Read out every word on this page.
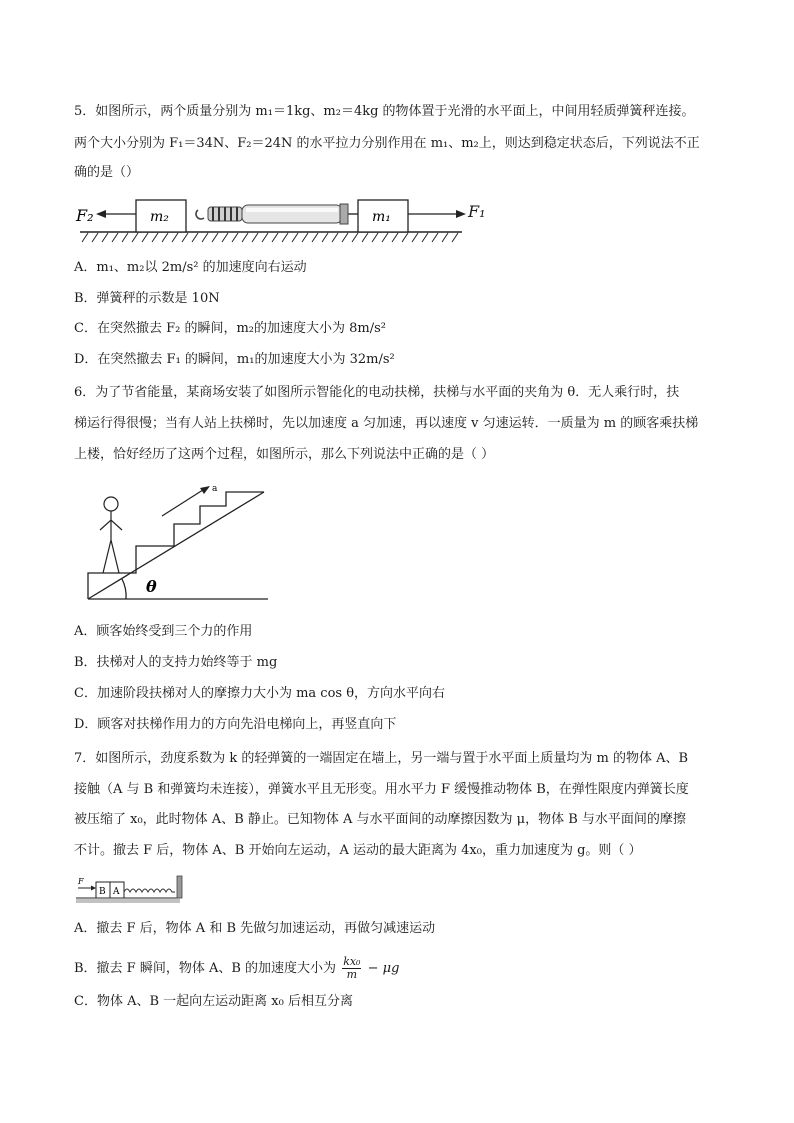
5．如图所示，两个质量分别为 m₁＝1kg、m₂＝4kg 的物体置于光滑的水平面上，中间用轻质弹簧秤连接。
两个大小分别为 F₁＝34N、F₂＝24N 的水平拉力分别作用在 m₁、m₂上，则达到稳定状态后，下列说法不正
确的是（）
F₂	m₂	m₁	F₁
A．m₁、m₂以 2m/s² 的加速度向右运动
B．弹簧秤的示数是 10N
C．在突然撤去 F₂ 的瞬间，m₂的加速度大小为 8m/s²
D．在突然撤去 F₁ 的瞬间，m₁的加速度大小为 32m/s²
6．为了节省能量，某商场安装了如图所示智能化的电动扶梯，扶梯与水平面的夹角为 θ．无人乘行时，扶
梯运行得很慢；当有人站上扶梯时，先以加速度 a 匀加速，再以速度 v 匀速运转．一质量为 m 的顾客乘扶梯
上楼，恰好经历了这两个过程，如图所示，那么下列说法中正确的是（ ）
a
θ
A．顾客始终受到三个力的作用
B．扶梯对人的支持力始终等于 mg
C．加速阶段扶梯对人的摩擦力大小为 ma cos θ，方向水平向右
D．顾客对扶梯作用力的方向先沿电梯向上，再竖直向下
7．如图所示，劲度系数为 k 的轻弹簧的一端固定在墙上，另一端与置于水平面上质量均为 m 的物体 A、B
接触（A 与 B 和弹簧均未连接），弹簧水平且无形变。用水平力 F 缓慢推动物体 B，在弹性限度内弹簧长度
被压缩了 x₀，此时物体 A、B 静止。已知物体 A 与水平面间的动摩擦因数为 μ，物体 B 与水平面间的摩擦
不计。撤去 F 后，物体 A、B 开始向左运动，A 运动的最大距离为 4x₀，重力加速度为 g。则（ ）
F
B A
A．撤去 F 后，物体 A 和 B 先做匀加速运动，再做匀减速运动
B．撤去 F 瞬间，物体 A、B 的加速度大小为 $\frac{\text{kx₀}}{m} - \mu g$
C．物体 A、B 一起向左运动距离 x₀ 后相互分离
